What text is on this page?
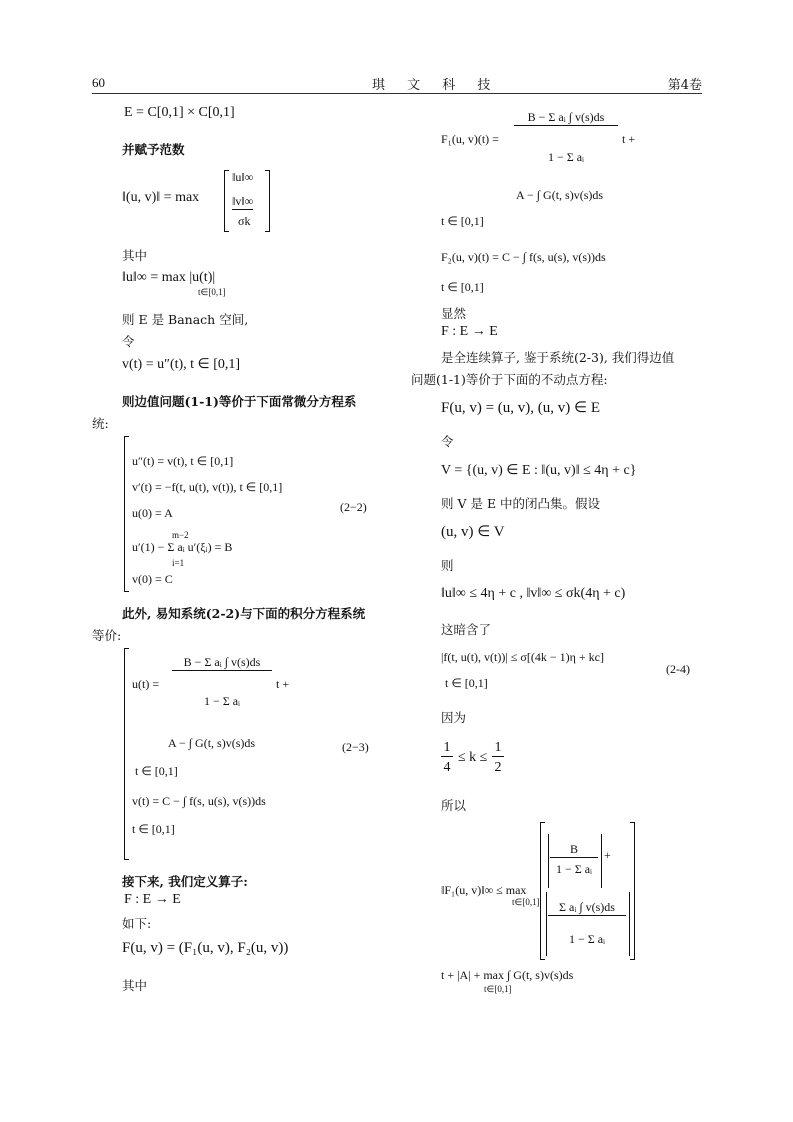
60	琪 文 科 技	第4卷
E = C[0,1] × C[0,1]
并赋予范数
‖(u, v)‖ = max
‖u‖∞
‖v‖∞
σk
其中
‖u‖∞ = max |u(t)|
t∈[0,1]
则 E 是 Banach 空间,
令
v(t) = u″(t), t ∈ [0,1]
则边值问题(1-1)等价于下面常微分方程系
统:
u″(t) = v(t), t ∈ [0,1]
v′(t) = −f(t, u(t), v(t)), t ∈ [0,1]
u(0) = A
m−2
u′(1) − Σ aᵢ u′(ξᵢ) = B
i=1
v(0) = C
(2−2)
此外, 易知系统(2-2)与下面的积分方程系统
等价:
u(t) =
B − Σ aᵢ ∫ v(s)ds
1 − Σ aᵢ
t +
A − ∫ G(t, s)v(s)ds
t ∈ [0,1]
v(t) = C − ∫ f(s, u(s), v(s))ds
t ∈ [0,1]
(2−3)
接下来, 我们定义算子:
F : E → E
如下:
F(u, v) = (F₁(u, v), F₂(u, v))
其中
F₁(u, v)(t) =
B − Σ aᵢ ∫ v(s)ds
1 − Σ aᵢ
t +
A − ∫ G(t, s)v(s)ds
t ∈ [0,1]
F₂(u, v)(t) = C − ∫ f(s, u(s), v(s))ds
t ∈ [0,1]
显然
F : E → E
是全连续算子, 鉴于系统(2-3), 我们得边值
问题(1-1)等价于下面的不动点方程:
F(u, v) = (u, v), (u, v) ∈ E
令
V = {(u, v) ∈ E : ‖(u, v)‖ ≤ 4η + c}
则 V 是 E 中的闭凸集。假设
(u, v) ∈ V
则
‖u‖∞ ≤ 4η + c , ‖v‖∞ ≤ σk(4η + c)
这暗含了
|f(t, u(t), v(t))| ≤ σ[(4k − 1)η + kc]
t ∈ [0,1]
(2-4)
因为
1
4
≤ k ≤
1
2
所以
‖F₁(u, v)‖∞ ≤ max
t∈[0,1]
B
1 − Σ aᵢ
+
Σ aᵢ ∫ v(s)ds
1 − Σ aᵢ
t + |A| + max ∫ G(t, s)v(s)ds
t∈[0,1]
